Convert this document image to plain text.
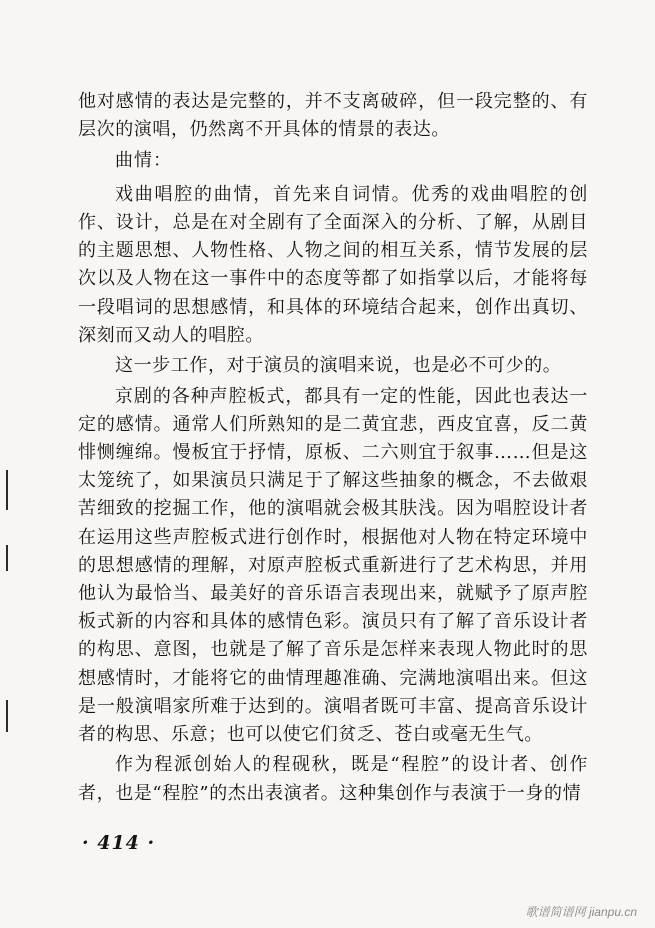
他对感情的表达是完整的，并不支离破碎，但一段完整的、有层次的演唱，仍然离不开具体的情景的表达。

曲情：

戏曲唱腔的曲情，首先来自词情。优秀的戏曲唱腔的创作、设计，总是在对全剧有了全面深入的分析、了解，从剧目的主题思想、人物性格、人物之间的相互关系，情节发展的层次以及人物在这一事件中的态度等都了如指掌以后，才能将每一段唱词的思想感情，和具体的环境结合起来，创作出真切、深刻而又动人的唱腔。

这一步工作，对于演员的演唱来说，也是必不可少的。

京剧的各种声腔板式，都具有一定的性能，因此也表达一定的感情。通常人们所熟知的是二黄宜悲，西皮宜喜，反二黄悱恻缠绵。慢板宜于抒情，原板、二六则宜于叙事……但是这太笼统了，如果演员只满足于了解这些抽象的概念，不去做艰苦细致的挖掘工作，他的演唱就会极其肤浅。因为唱腔设计者在运用这些声腔板式进行创作时，根据他对人物在特定环境中的思想感情的理解，对原声腔板式重新进行了艺术构思，并用他认为最恰当、最美好的音乐语言表现出来，就赋予了原声腔板式新的内容和具体的感情色彩。演员只有了解了音乐设计者的构思、意图，也就是了解了音乐是怎样来表现人物此时的思想感情时，才能将它的曲情理趣准确、完满地演唱出来。但这是一般演唱家所难于达到的。演唱者既可丰富、提高音乐设计者的构思、乐意；也可以使它们贫乏、苍白或毫无生气。

作为程派创始人的程砚秋，既是“程腔”的设计者、创作者，也是“程腔”的杰出表演者。这种集创作与表演于一身的情

· 414 ·
歌谱简谱网 jianpu.cn
